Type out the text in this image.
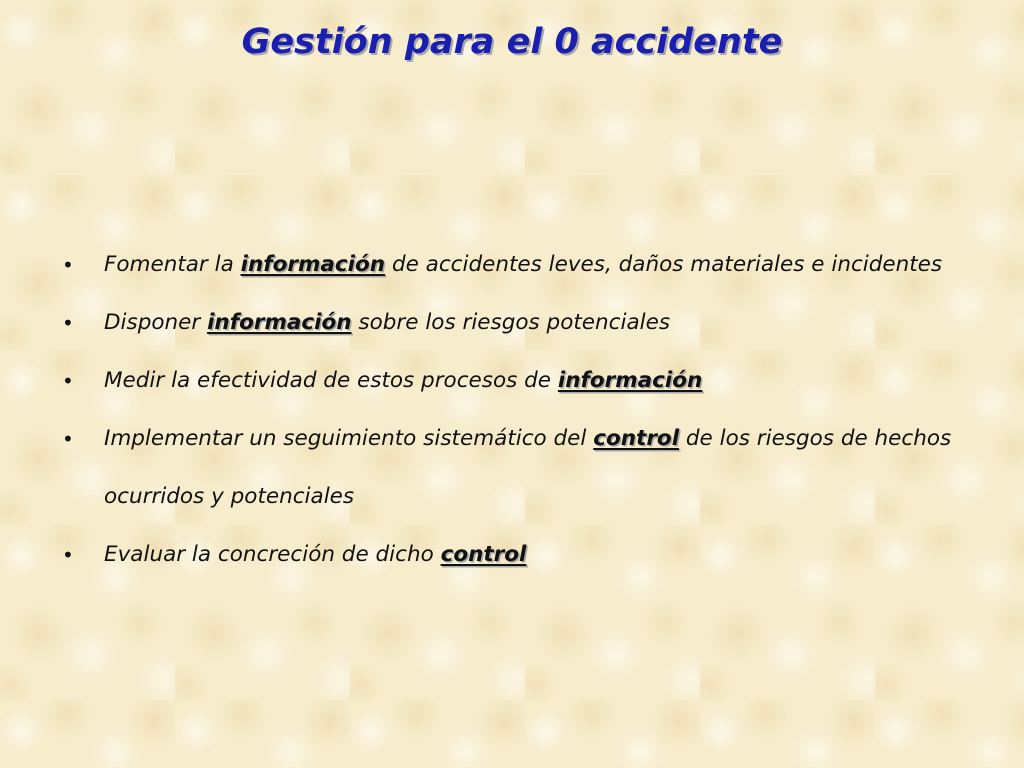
Gestión para el 0 accidente
• Fomentar la información de accidentes leves, daños materiales e incidentes
• Disponer información sobre los riesgos potenciales
• Medir la efectividad de estos procesos de información
• Implementar un seguimiento sistemático del control de los riesgos de hechos ocurridos y potenciales
• Evaluar la concreción de dicho control
